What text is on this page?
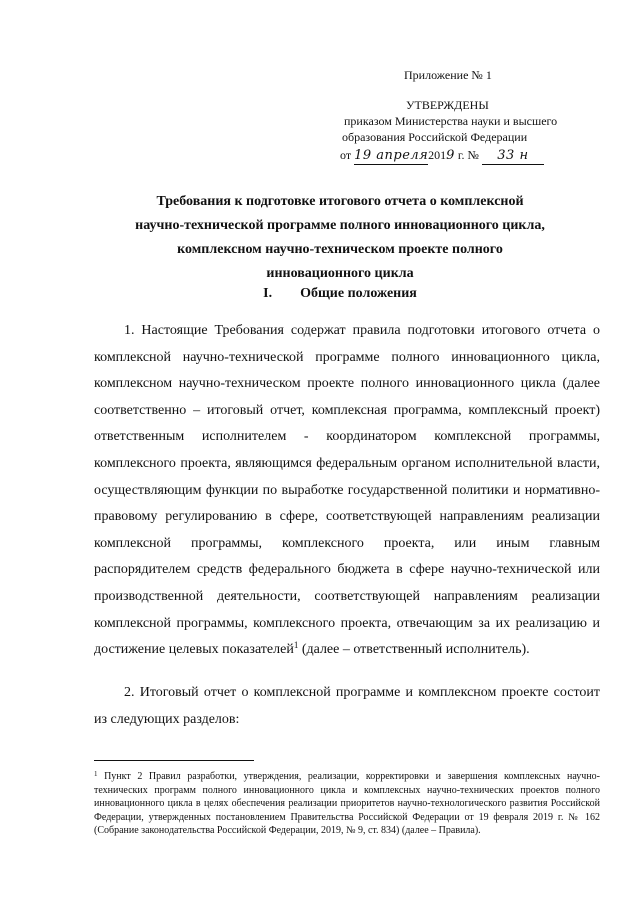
Приложение № 1
УТВЕРЖДЕНЫ
приказом Министерства науки и высшего
образования Российской Федерации
от 19 апреля2019 г. № 33 н
Требования к подготовке итогового отчета о комплексной
научно-технической программе полного инновационного цикла,
комплексном научно-техническом проекте полного
инновационного цикла
I. Общие положения
1. Настоящие Требования содержат правила подготовки итогового отчета о комплексной научно-технической программе полного инновационного цикла, комплексном научно-техническом проекте полного инновационного цикла (далее соответственно – итоговый отчет, комплексная программа, комплексный проект) ответственным исполнителем - координатором комплексной программы, комплексного проекта, являющимся федеральным органом исполнительной власти, осуществляющим функции по выработке государственной политики и нормативно-правовому регулированию в сфере, соответствующей направлениям реализации комплексной программы, комплексного проекта, или иным главным распорядителем средств федерального бюджета в сфере научно-технической или производственной деятельности, соответствующей направлениям реализации комплексной программы, комплексного проекта, отвечающим за их реализацию и достижение целевых показателей$^1$ (далее – ответственный исполнитель).
2. Итоговый отчет о комплексной программе и комплексном проекте состоит из следующих разделов:
$^1$ Пункт 2 Правил разработки, утверждения, реализации, корректировки и завершения комплексных научно-технических программ полного инновационного цикла и комплексных научно-технических проектов полного инновационного цикла в целях обеспечения реализации приоритетов научно-технологического развития Российской Федерации, утвержденных постановлением Правительства Российской Федерации от 19 февраля 2019 г. № 162 (Собрание законодательства Российской Федерации, 2019, № 9, ст. 834) (далее – Правила).
